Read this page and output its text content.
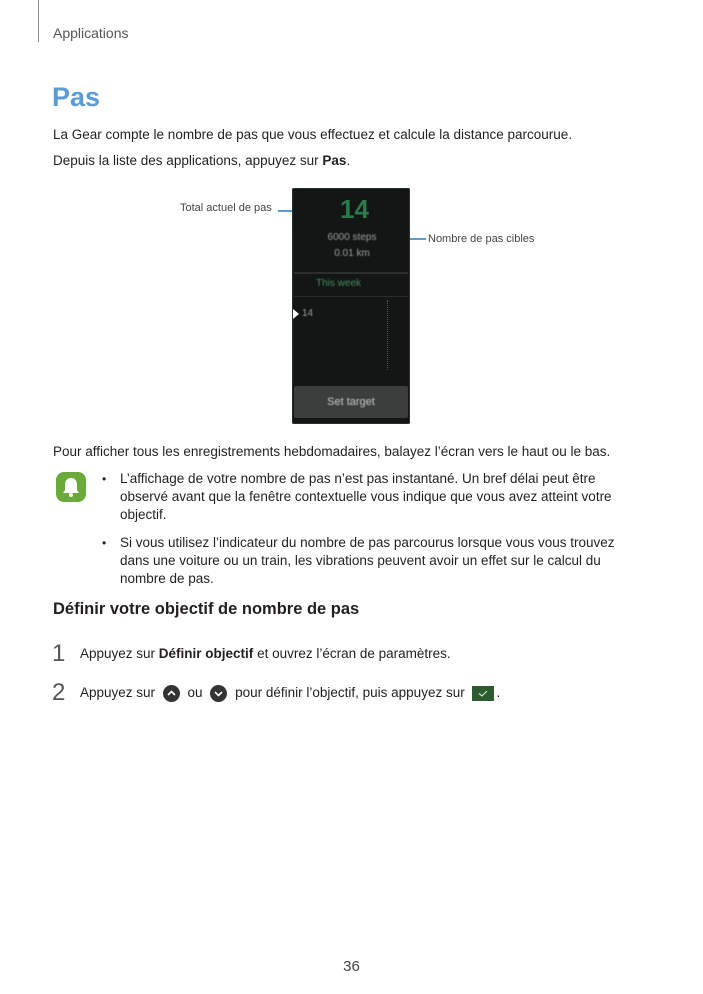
Applications
Pas

La Gear compte le nombre de pas que vous effectuez et calcule la distance parcourue.

Depuis la liste des applications, appuyez sur Pas.

Total actuel de pas
Nombre de pas cibles
14
6000 steps
0.01 km
This week
14
Set target

Pour afficher tous les enregistrements hebdomadaires, balayez l’écran vers le haut ou le bas.

• L’affichage de votre nombre de pas n’est pas instantané. Un bref délai peut être observé avant que la fenêtre contextuelle vous indique que vous avez atteint votre objectif.
• Si vous utilisez l’indicateur du nombre de pas parcourus lorsque vous vous trouvez dans une voiture ou un train, les vibrations peuvent avoir un effet sur le calcul du nombre de pas.
Définir votre objectif de nombre de pas
1 Appuyez sur Définir objectif et ouvrez l’écran de paramètres.
2 Appuyez sur ou pour définir l’objectif, puis appuyez sur .
36
